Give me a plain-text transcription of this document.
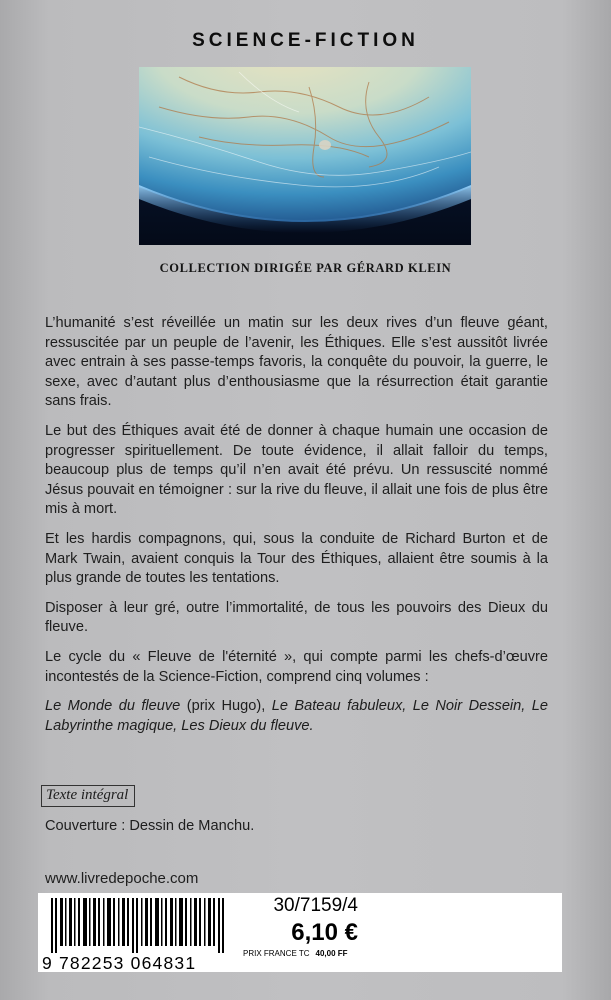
SCIENCE-FICTION
COLLECTION DIRIGÉE PAR GÉRARD KLEIN

L’humanité s’est réveillée un matin sur les deux rives d’un fleuve géant, ressuscitée par un peuple de l’avenir, les Éthiques. Elle s’est aussitôt livrée avec entrain à ses passe-temps favoris, la conquête du pouvoir, la guerre, le sexe, avec d’autant plus d’enthousiasme que la résurrection était garantie sans frais.

Le but des Éthiques avait été de donner à chaque humain une occasion de progresser spirituellement. De toute évidence, il allait falloir du temps, beaucoup plus de temps qu’il n’en avait été prévu. Un ressuscité nommé Jésus pouvait en témoigner : sur la rive du fleuve, il allait une fois de plus être mis à mort.

Et les hardis compagnons, qui, sous la conduite de Richard Burton et de Mark Twain, avaient conquis la Tour des Éthiques, allaient être soumis à la plus grande de toutes les tentations.

Disposer à leur gré, outre l’immortalité, de tous les pouvoirs des Dieux du fleuve.

Le cycle du « Fleuve de l'éternité », qui compte parmi les chefs-d’œuvre incontestés de la Science-Fiction, comprend cinq volumes :

Le Monde du fleuve (prix Hugo), Le Bateau fabuleux, Le Noir Dessein, Le Labyrinthe magique, Les Dieux du fleuve.

Texte intégral
Couverture : Dessin de Manchu.
www.livredepoche.com
9 782253 064831
30/7159/4
6,10 €
PRIX FRANCE TC 40,00 FF
